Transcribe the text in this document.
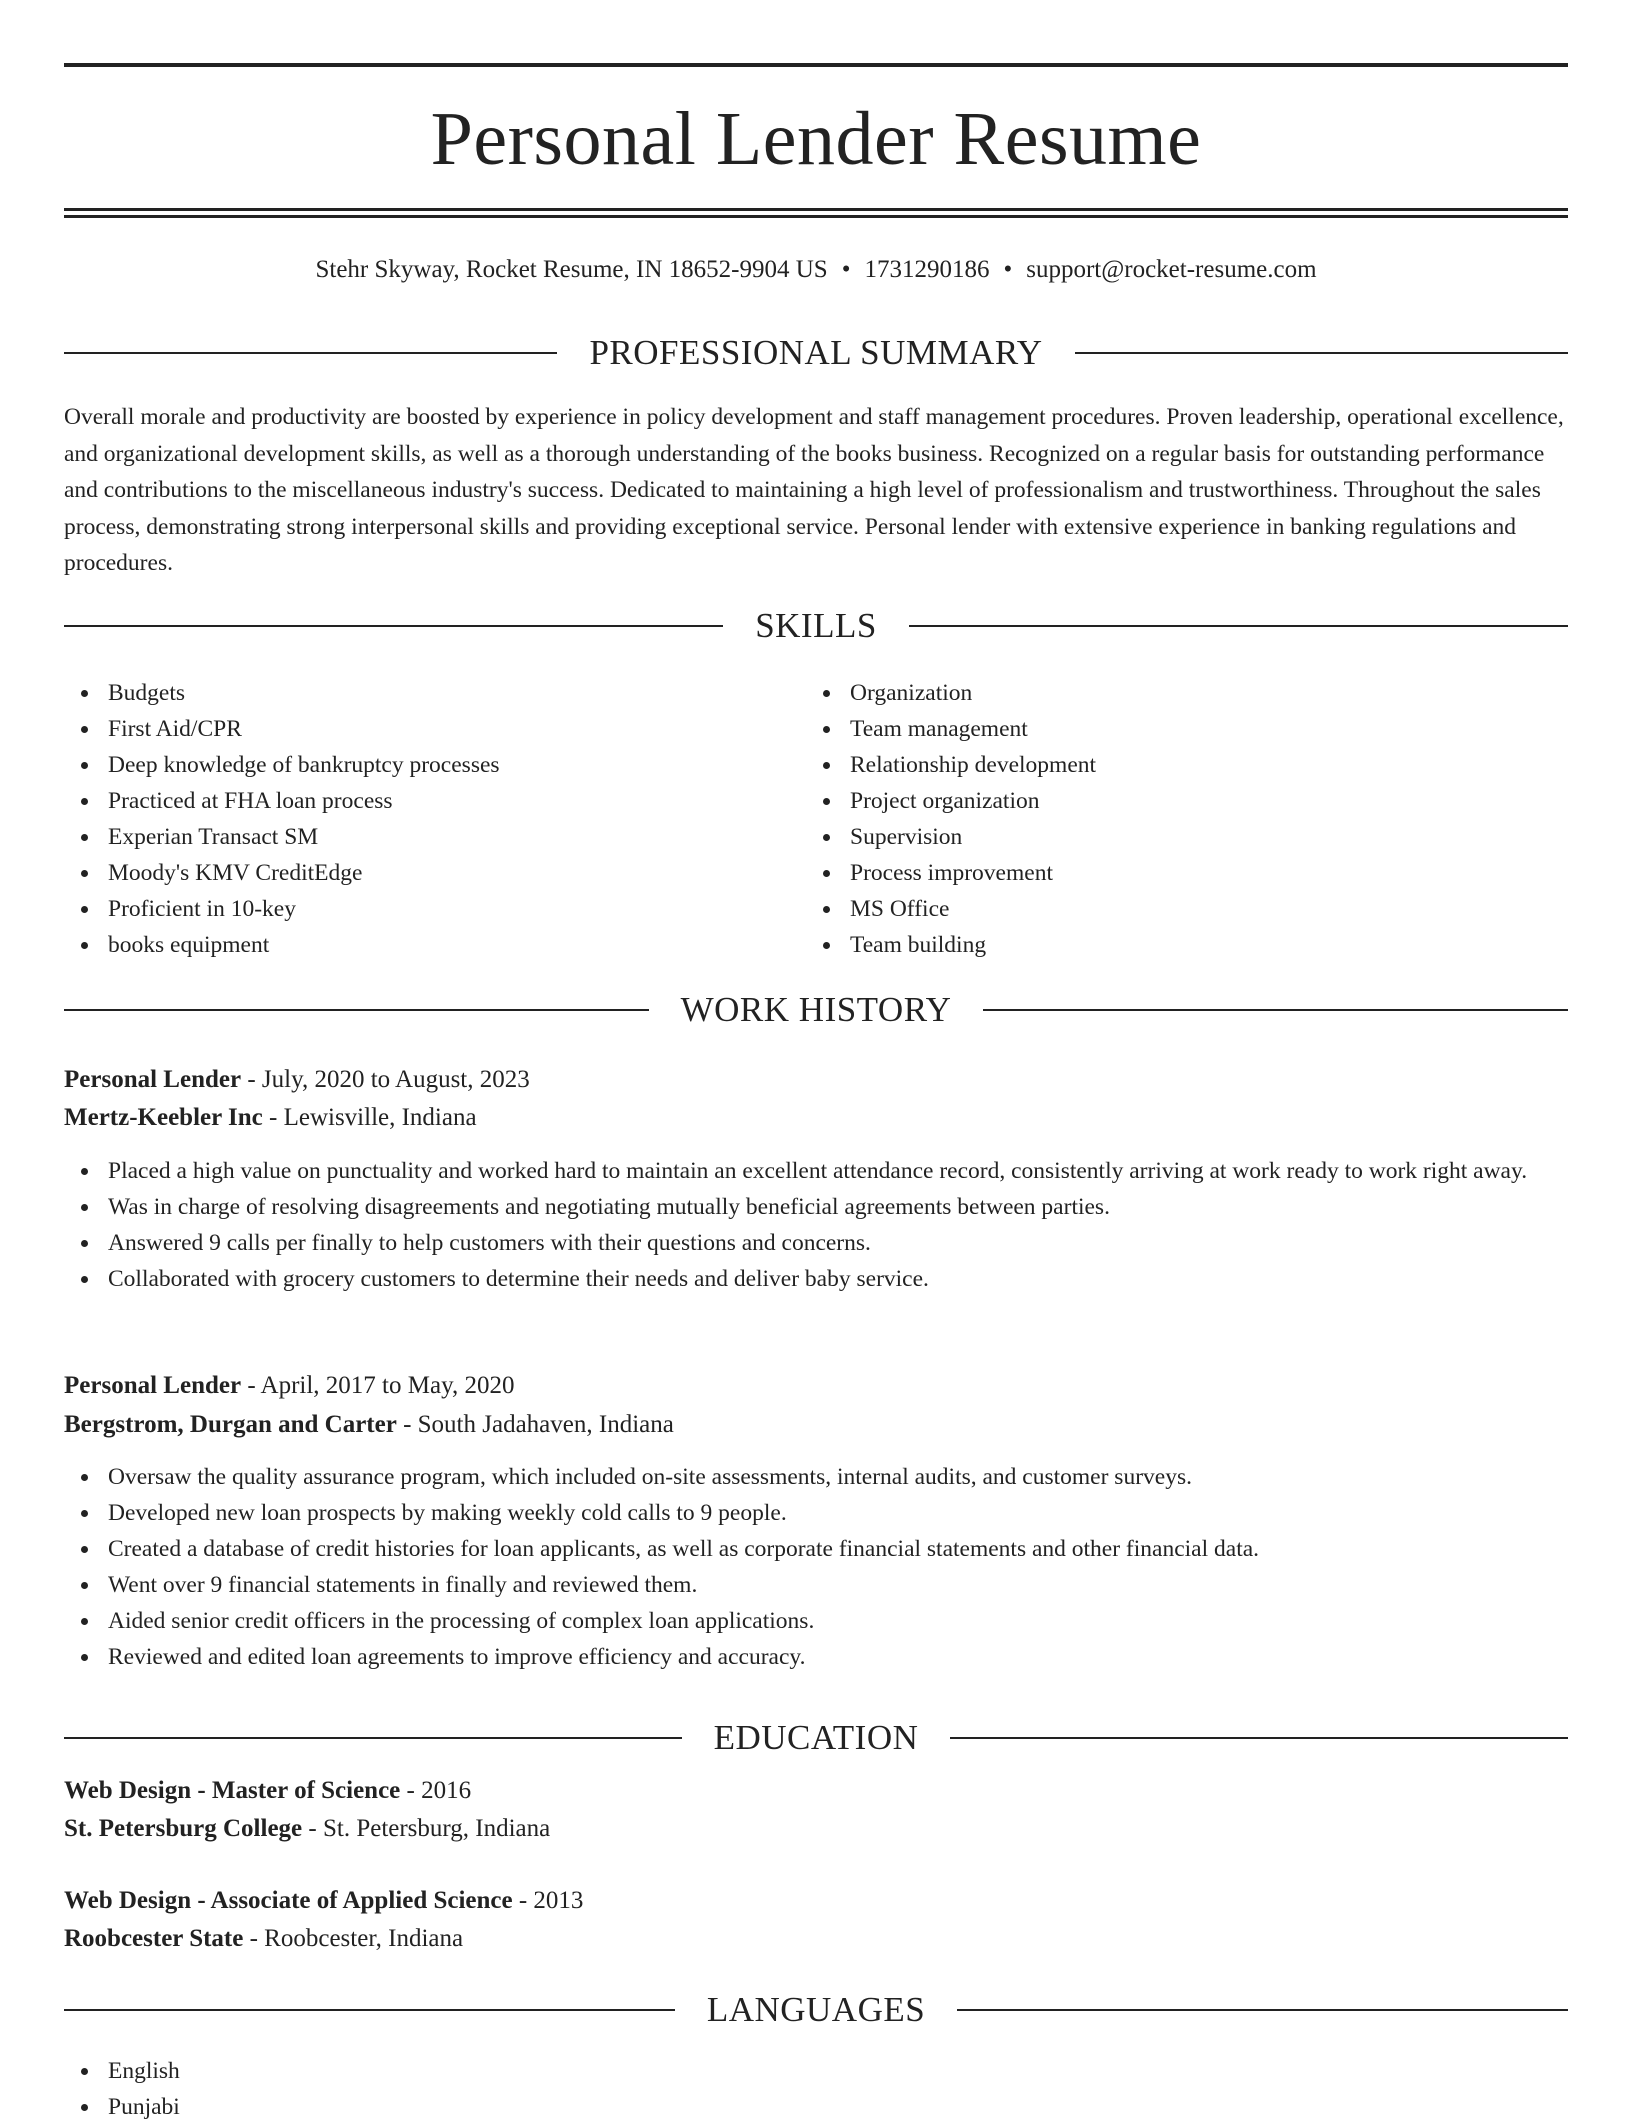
Personal Lender Resume
Stehr Skyway, Rocket Resume, IN 18652-9904 US • 1731290186 • support@rocket-resume.com
PROFESSIONAL SUMMARY

Overall morale and productivity are boosted by experience in policy development and staff management procedures. Proven leadership, operational excellence, and organizational development skills, as well as a thorough understanding of the books business. Recognized on a regular basis for outstanding performance and contributions to the miscellaneous industry's success. Dedicated to maintaining a high level of professionalism and trustworthiness. Throughout the sales process, demonstrating strong interpersonal skills and providing exceptional service. Personal lender with extensive experience in banking regulations and procedures.

SKILLS
Budgets
First Aid/CPR
Deep knowledge of bankruptcy processes
Practiced at FHA loan process
Experian Transact SM
Moody's KMV CreditEdge
Proficient in 10-key
books equipment
Organization
Team management
Relationship development
Project organization
Supervision
Process improvement
MS Office
Team building
WORK HISTORY
Personal Lender - July, 2020 to August, 2023
Mertz-Keebler Inc - Lewisville, Indiana
Placed a high value on punctuality and worked hard to maintain an excellent attendance record, consistently arriving at work ready to work right away.
Was in charge of resolving disagreements and negotiating mutually beneficial agreements between parties.
Answered 9 calls per finally to help customers with their questions and concerns.
Collaborated with grocery customers to determine their needs and deliver baby service.
Personal Lender - April, 2017 to May, 2020
Bergstrom, Durgan and Carter - South Jadahaven, Indiana
Oversaw the quality assurance program, which included on-site assessments, internal audits, and customer surveys.
Developed new loan prospects by making weekly cold calls to 9 people.
Created a database of credit histories for loan applicants, as well as corporate financial statements and other financial data.
Went over 9 financial statements in finally and reviewed them.
Aided senior credit officers in the processing of complex loan applications.
Reviewed and edited loan agreements to improve efficiency and accuracy.
EDUCATION
Web Design - Master of Science - 2016
St. Petersburg College - St. Petersburg, Indiana
Web Design - Associate of Applied Science - 2013
Roobcester State - Roobcester, Indiana
LANGUAGES
English
Punjabi
